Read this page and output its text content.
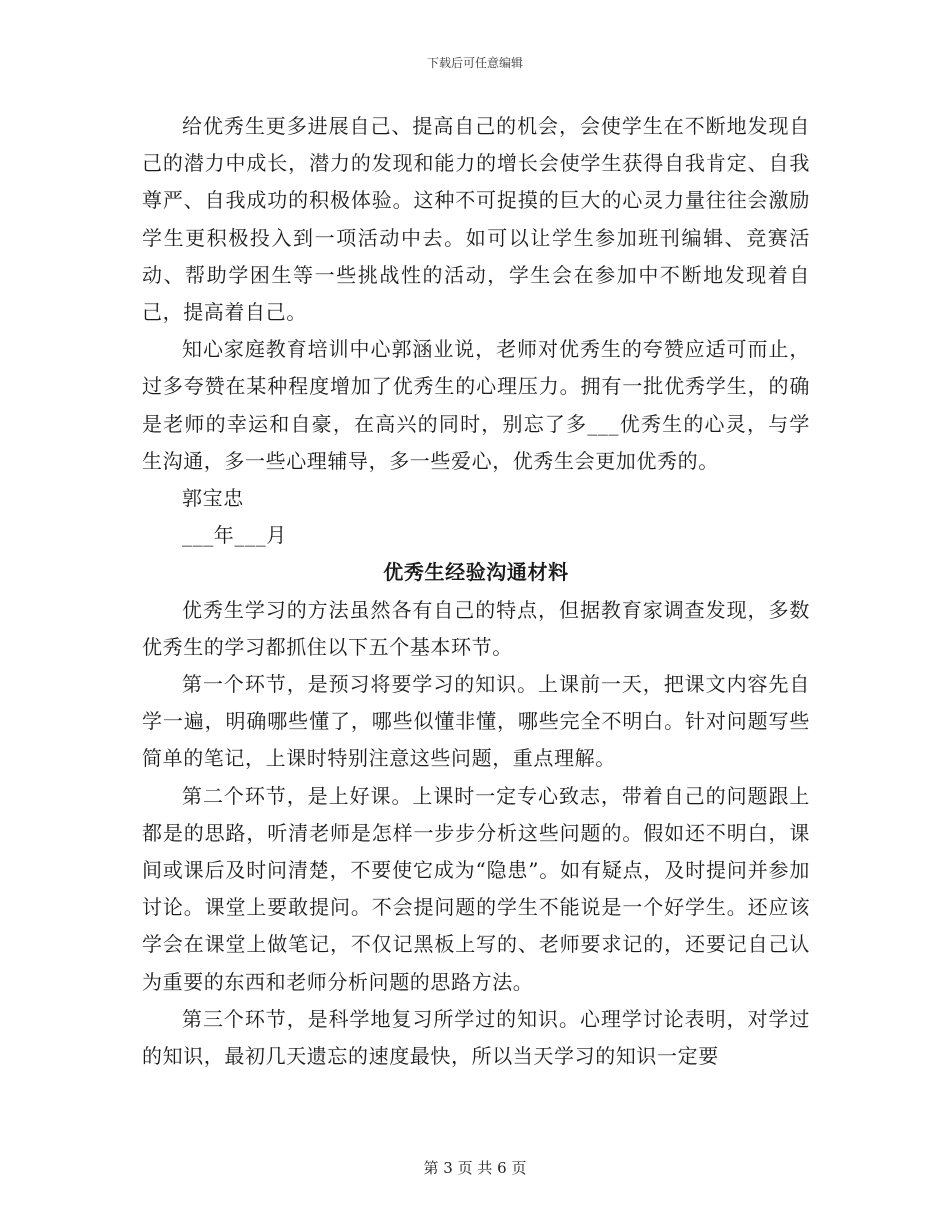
下载后可任意编辑

给优秀生更多进展自己、提高自己的机会，会使学生在不断地发现自己的潜力中成长，潜力的发现和能力的增长会使学生获得自我肯定、自我尊严、自我成功的积极体验。这种不可捉摸的巨大的心灵力量往往会激励学生更积极投入到一项活动中去。如可以让学生参加班刊编辑、竞赛活动、帮助学困生等一些挑战性的活动，学生会在参加中不断地发现着自己，提高着自己。

知心家庭教育培训中心郭涵业说，老师对优秀生的夸赞应适可而止，过多夸赞在某种程度增加了优秀生的心理压力。拥有一批优秀学生，的确是老师的幸运和自豪，在高兴的同时，别忘了多___优秀生的心灵，与学生沟通，多一些心理辅导，多一些爱心，优秀生会更加优秀的。

郭宝忠

___年___月

优秀生经验沟通材料

优秀生学习的方法虽然各有自己的特点，但据教育家调查发现，多数优秀生的学习都抓住以下五个基本环节。

第一个环节，是预习将要学习的知识。上课前一天，把课文内容先自学一遍，明确哪些懂了，哪些似懂非懂，哪些完全不明白。针对问题写些简单的笔记，上课时特别注意这些问题，重点理解。

第二个环节，是上好课。上课时一定专心致志，带着自己的问题跟上都是的思路，听清老师是怎样一步步分析这些问题的。假如还不明白，课间或课后及时问清楚，不要使它成为“隐患”。如有疑点，及时提问并参加讨论。课堂上要敢提问。不会提问题的学生不能说是一个好学生。还应该学会在课堂上做笔记，不仅记黑板上写的、老师要求记的，还要记自己认为重要的东西和老师分析问题的思路方法。

第三个环节，是科学地复习所学过的知识。心理学讨论表明，对学过的知识，最初几天遗忘的速度最快，所以当天学习的知识一定要

第 3 页 共 6 页
